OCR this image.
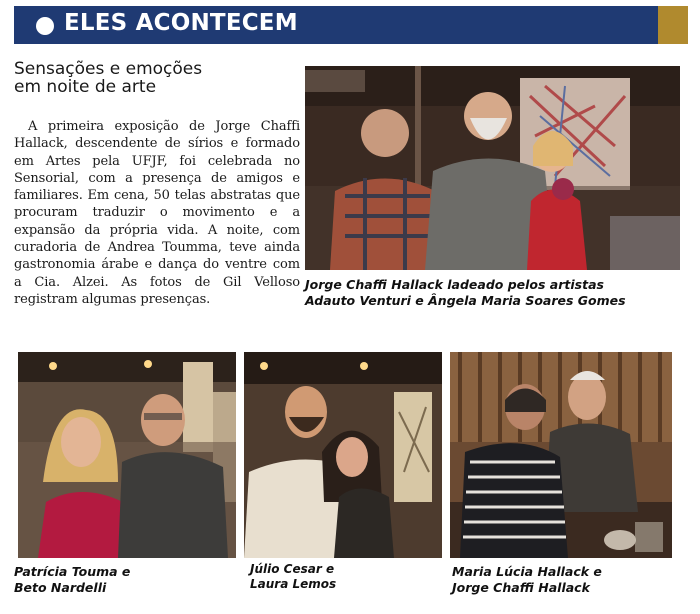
ELES ACONTECEM
Sensações e emoções
em noite de arte

A primeira exposição de Jorge Chaffi Hallack, descendente de sírios e formado em Artes pela UFJF, foi celebrada no Sensorial, com a presença de amigos e familiares. Em cena, 50 telas abstratas que procuram traduzir o movimento e a expansão da própria vida. A noite, com curadoria de Andrea Toumma, teve ainda gastronomia árabe e dança do ventre com a Cia. Alzei. As fotos de Gil Velloso registram algumas presenças.

Jorge Chaffi Hallack ladeado pelos artistas
Adauto Venturi e Ângela Maria Soares Gomes
Patrícia Touma e
Beto Nardelli
Júlio Cesar e
Laura Lemos
Maria Lúcia Hallack e
Jorge Chaffi Hallack
